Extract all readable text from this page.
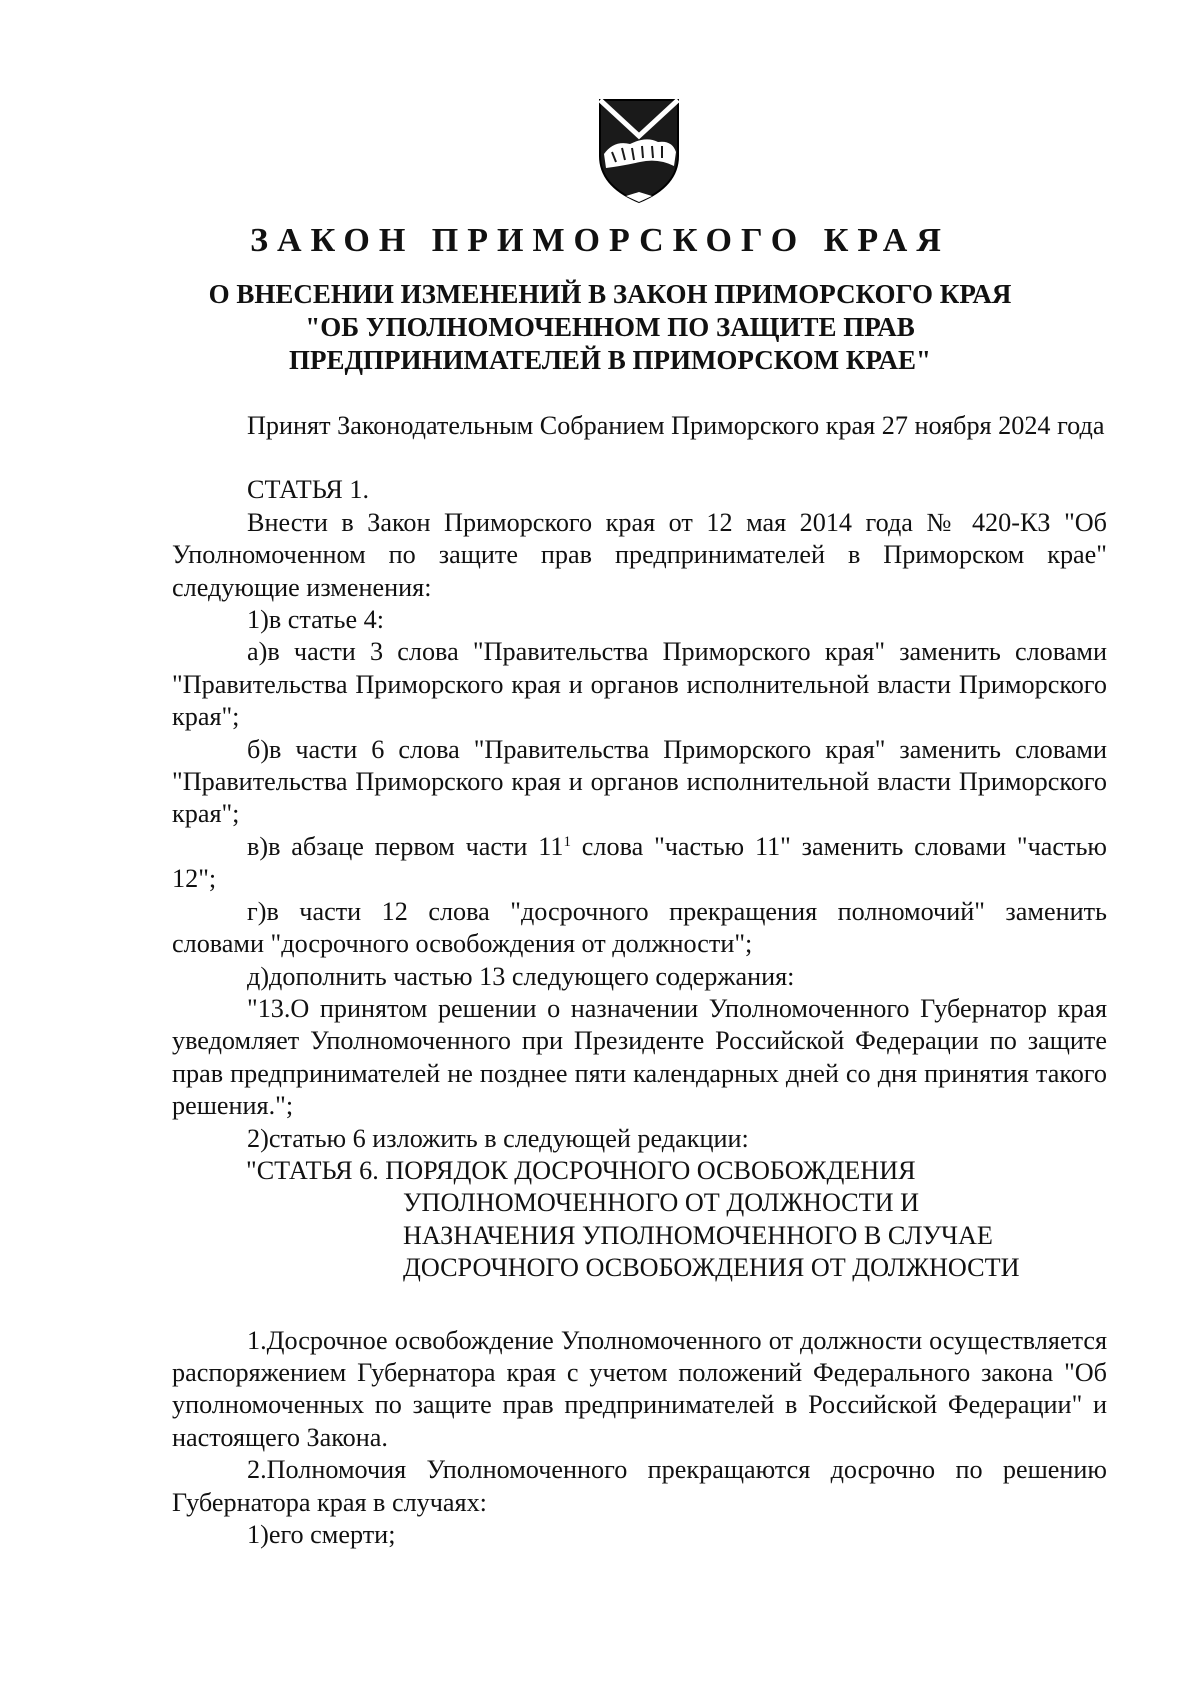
ЗАКОН ПРИМОРСКОГО КРАЯ
О ВНЕСЕНИИ ИЗМЕНЕНИЙ В ЗАКОН ПРИМОРСКОГО КРАЯ
"ОБ УПОЛНОМОЧЕННОМ ПО ЗАЩИТЕ ПРАВ
ПРЕДПРИНИМАТЕЛЕЙ В ПРИМОРСКОМ КРАЕ"

Принят Законодательным Собранием Приморского края 27 ноября 2024 года

СТАТЬЯ 1.

Внести в Закон Приморского края от 12 мая 2014 года № 420-КЗ "Об Уполномоченном по защите прав предпринимателей в Приморском крае" следующие изменения:

1)в статье 4:

а)в части 3 слова "Правительства Приморского края" заменить словами "Правительства Приморского края и органов исполнительной власти Приморского края";

б)в части 6 слова "Правительства Приморского края" заменить словами "Правительства Приморского края и органов исполнительной власти Приморского края";

в)в абзаце первом части $11^1$ слова "частью 11" заменить словами "частью 12";

г)в части 12 слова "досрочного прекращения полномочий" заменить словами "досрочного освобождения от должности";

д)дополнить частью 13 следующего содержания:

"13.О принятом решении о назначении Уполномоченного Губернатор края уведомляет Уполномоченного при Президенте Российской Федерации по защите прав предпринимателей не позднее пяти календарных дней со дня принятия такого решения.";

2)статью 6 изложить в следующей редакции:

"СТАТЬЯ 6. ПОРЯДОК ДОСРОЧНОГО ОСВОБОЖДЕНИЯ
УПОЛНОМОЧЕННОГО ОТ ДОЛЖНОСТИ И
НАЗНАЧЕНИЯ УПОЛНОМОЧЕННОГО В СЛУЧАЕ
ДОСРОЧНОГО ОСВОБОЖДЕНИЯ ОТ ДОЛЖНОСТИ

1.Досрочное освобождение Уполномоченного от должности осуществляется распоряжением Губернатора края с учетом положений Федерального закона "Об уполномоченных по защите прав предпринимателей в Российской Федерации" и настоящего Закона.

2.Полномочия Уполномоченного прекращаются досрочно по решению Губернатора края в случаях:

1)его смерти;
